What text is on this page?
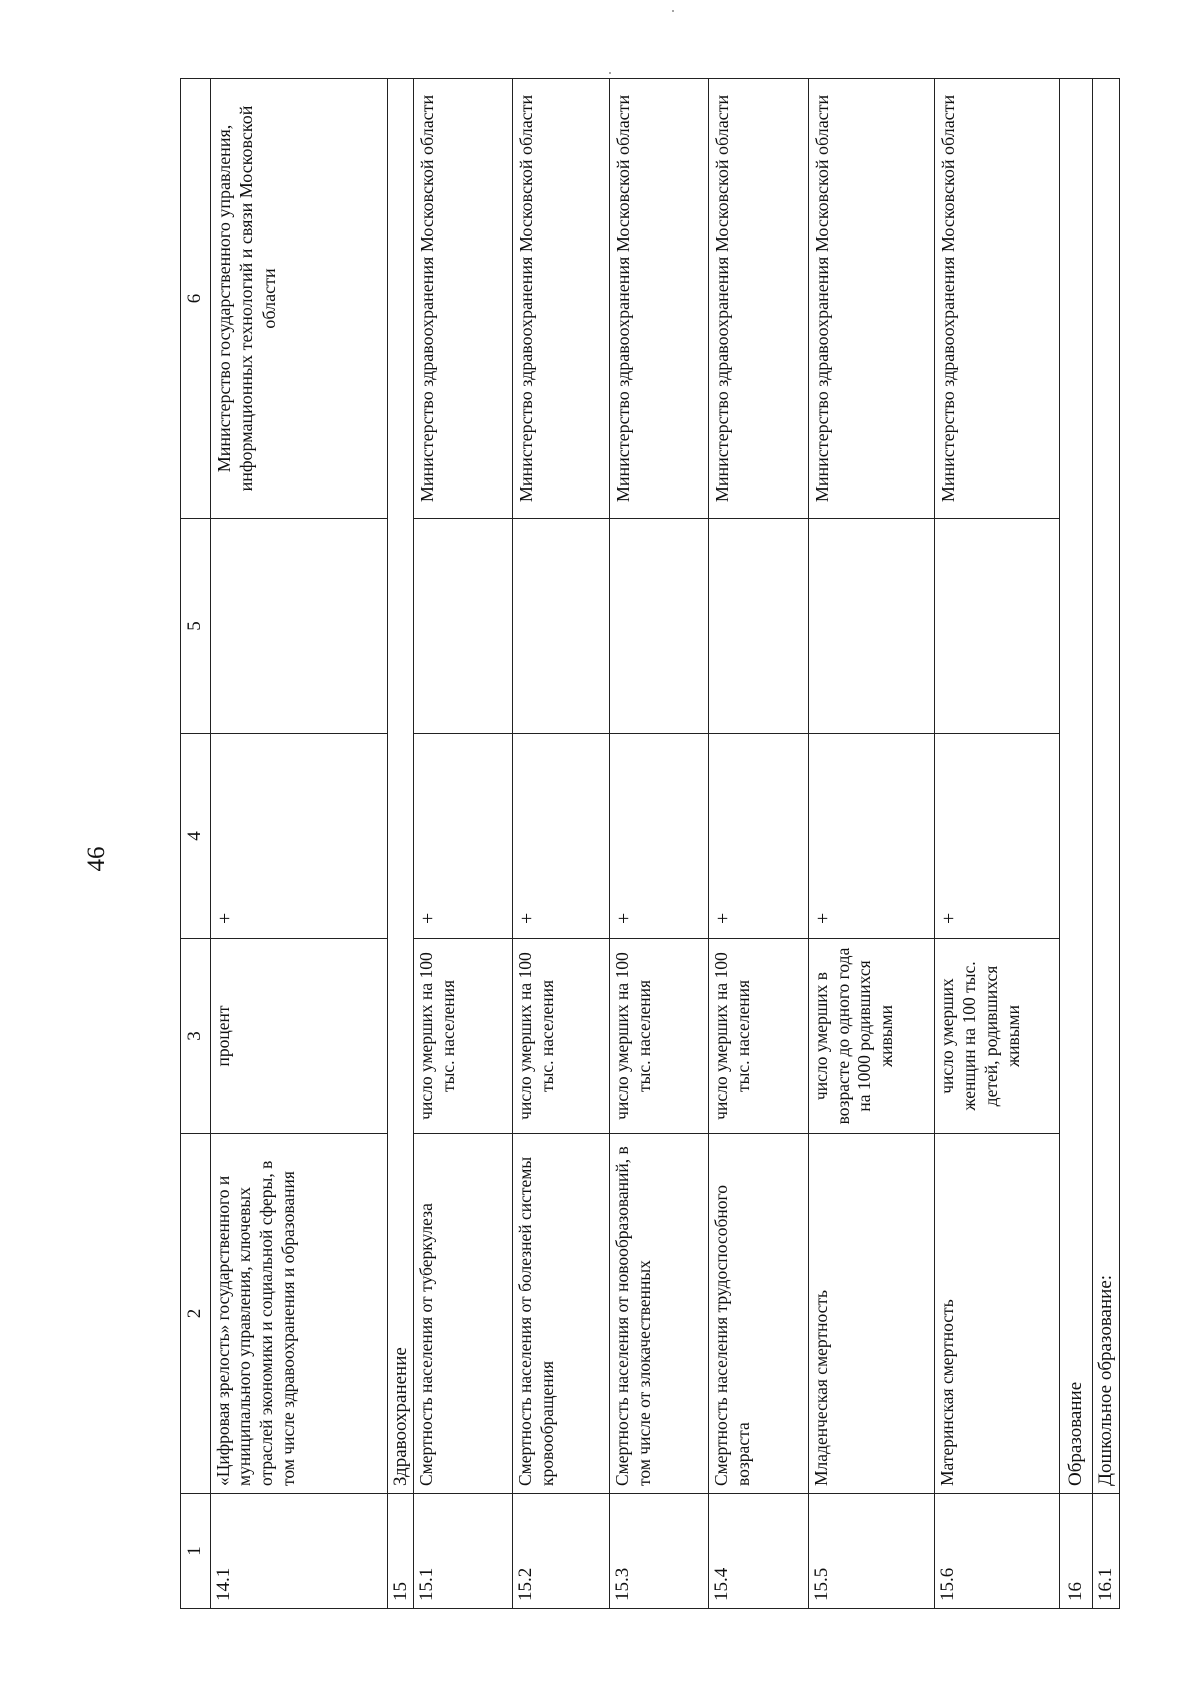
46
1	2	3	4	5	6
14.1	«Цифровая зрелость» государственного и муниципального управления, ключевых отраслей экономики и социальной сферы, в том числе здравоохранения и образования	процент	+		Министерство государственного управления, информационных технологий и связи Московской области
15	Здравоохранение				
15.1	Смертность населения от туберкулеза	число умерших на 100 тыс. населения	+		Министерство здравоохранения Московской области
15.2	Смертность населения от болезней системы кровообращения	число умерших на 100 тыс. населения	+		Министерство здравоохранения Московской области
15.3	Смертность населения от новообразований, в том числе от злокачественных	число умерших на 100 тыс. населения	+		Министерство здравоохранения Московской области
15.4	Смертность населения трудоспособного возраста	число умерших на 100 тыс. населения	+		Министерство здравоохранения Московской области
15.5	Младенческая смертность	число умерших в возрасте до одного года на 1000 родившихся живыми	+		Министерство здравоохранения Московской области
15.6	Материнская смертность	число умерших женщин на 100 тыс. детей, родившихся живыми	+		Министерство здравоохранения Московской области
16	Образование				
16.1	Дошкольное образование:				
